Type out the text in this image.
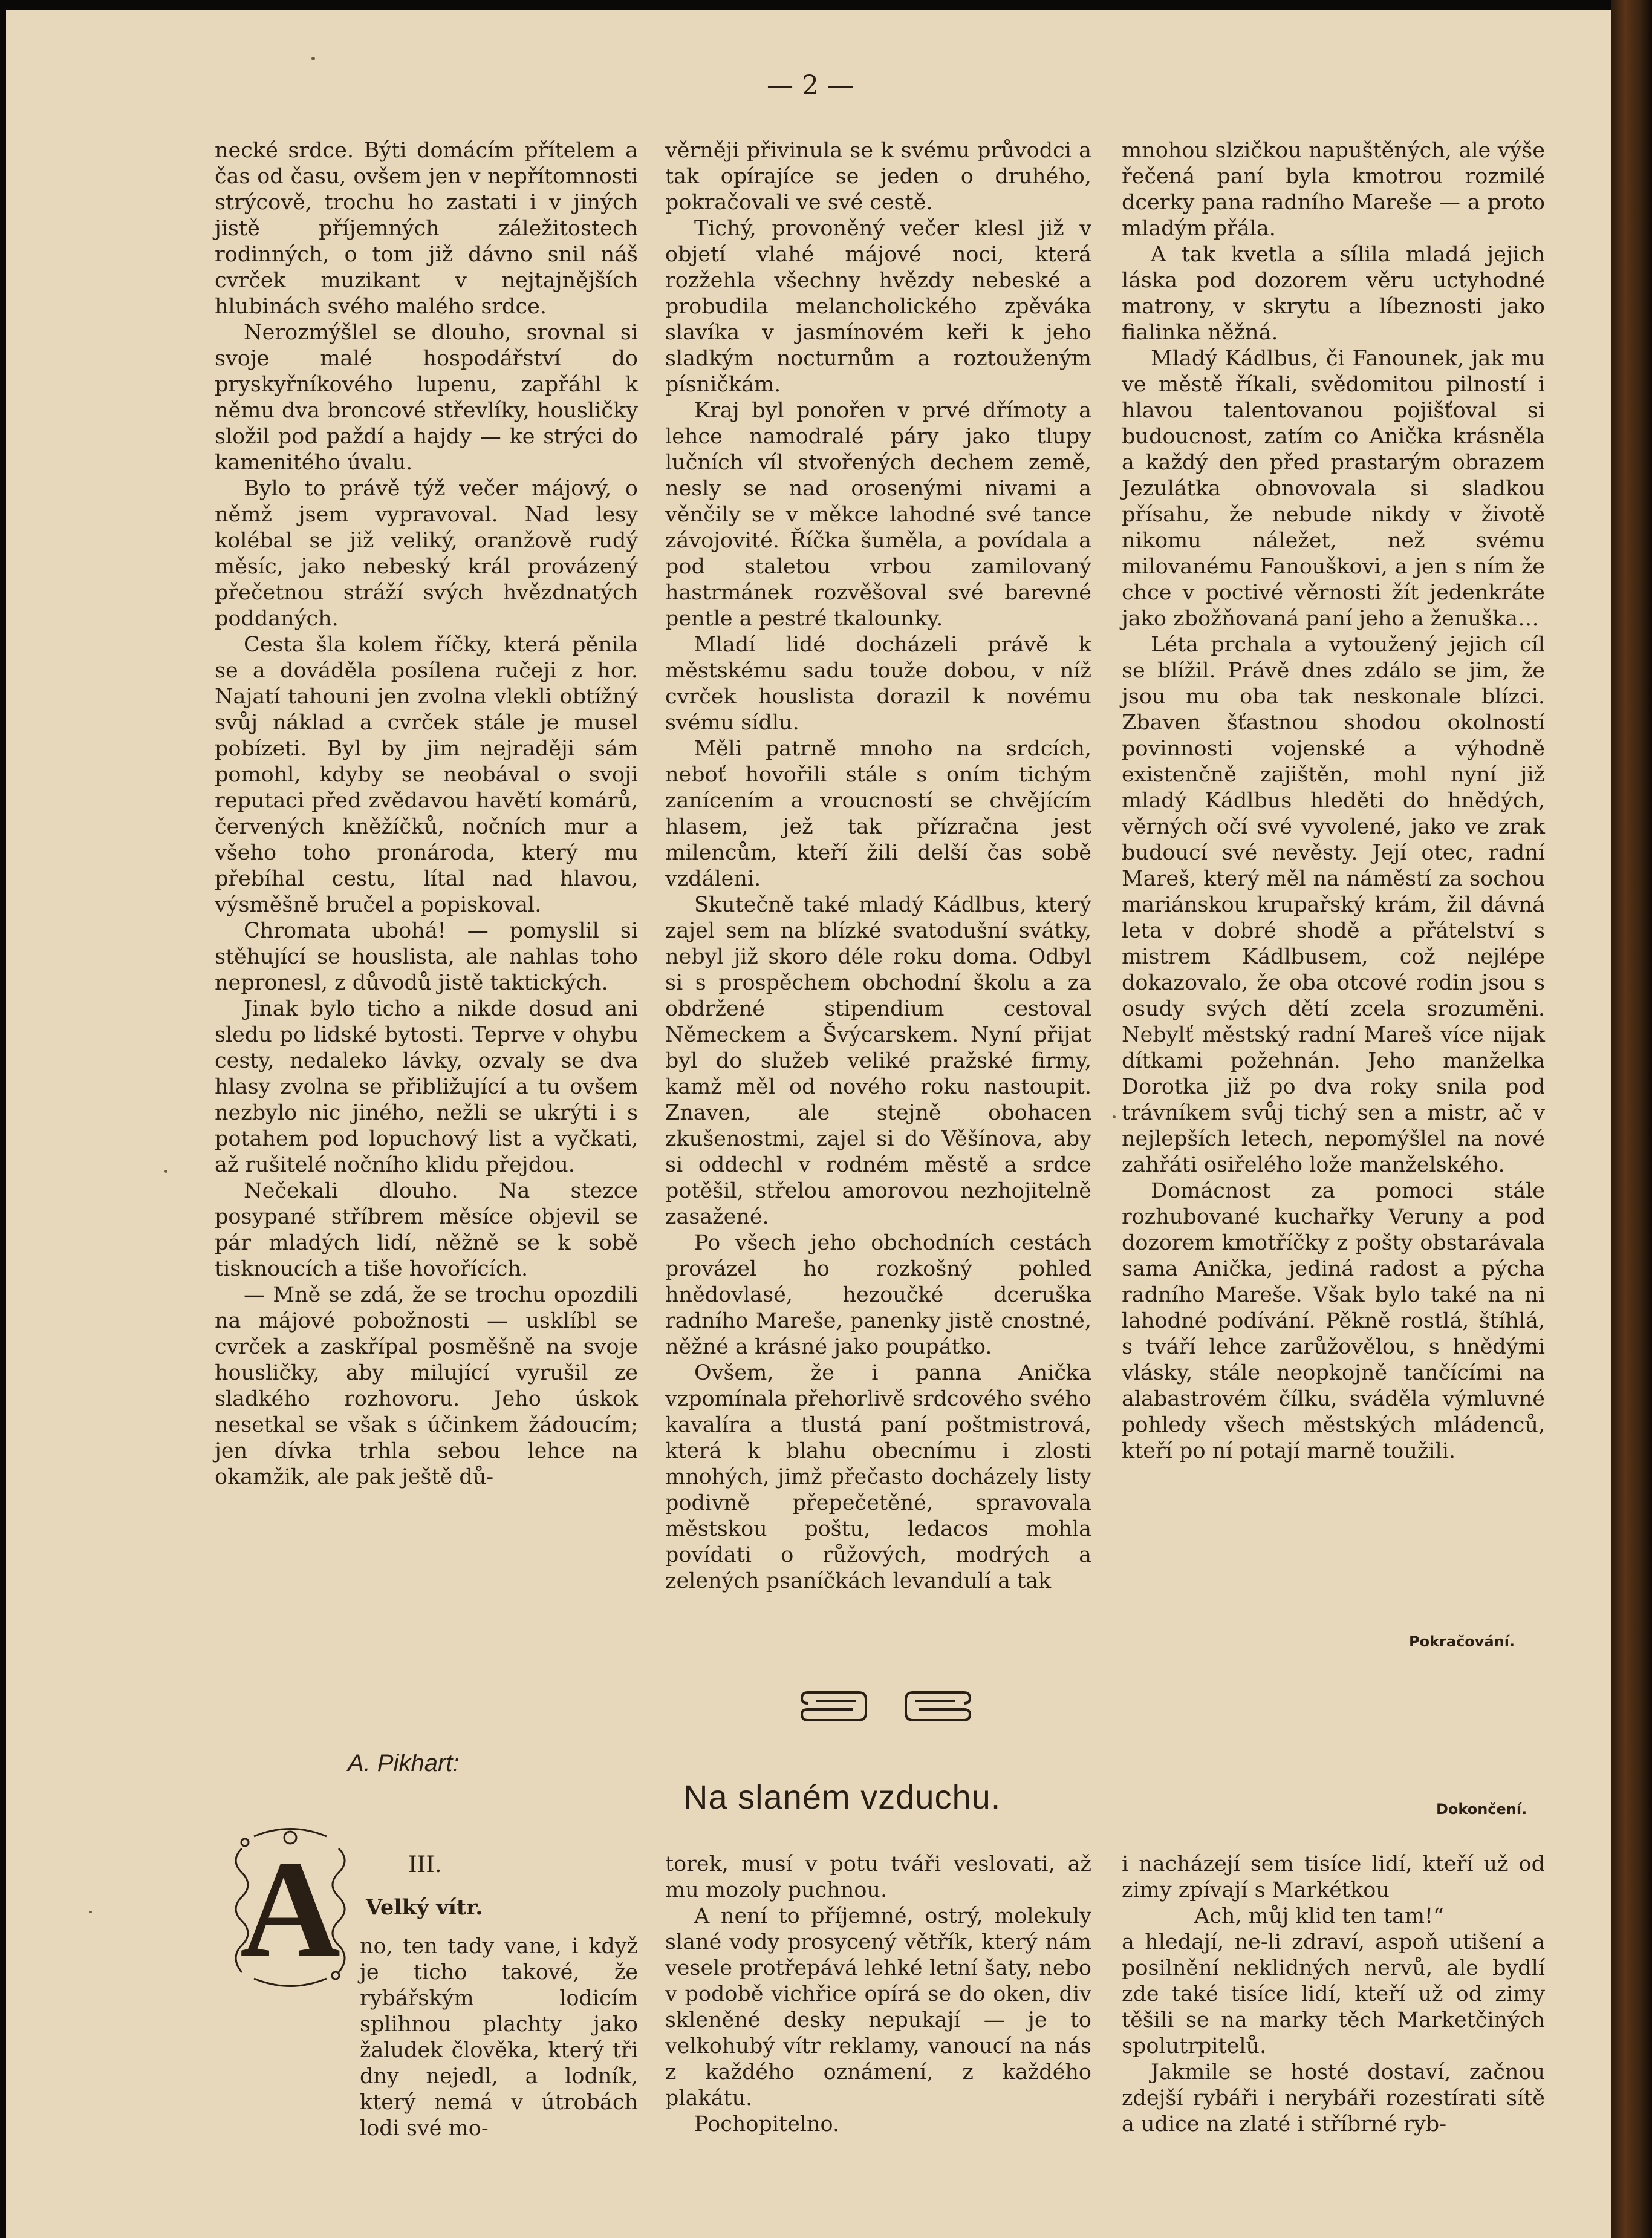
— 2 —

necké srdce. Býti domácím přítelem a čas od času, ovšem jen v nepřítomnosti strýcově, trochu ho zastati i v jiných jistě příjemných záležitostech rodinných, o tom již dávno snil náš cvrček muzikant v nejtajnějších hlubinách svého malého srdce.

Nerozmýšlel se dlouho, srovnal si svoje malé hospodářství do pryskyřníkového lupenu, zapřáhl k němu dva broncové střevlíky, housličky složil pod paždí a hajdy — ke strýci do kamenitého úvalu.

Bylo to právě týž večer májový, o němž jsem vypravoval. Nad lesy kolébal se již veliký, oranžově rudý měsíc, jako nebeský král provázený přečetnou stráží svých hvězdnatých poddaných.

Cesta šla kolem říčky, která pěnila se a dováděla posílena ručeji z hor. Najatí tahouni jen zvolna vlekli obtížný svůj náklad a cvrček stále je musel pobízeti. Byl by jim nejraději sám pomohl, kdyby se neobával o svoji reputaci před zvědavou havětí komárů, červených kněžíčků, nočních mur a všeho toho pronároda, který mu přebíhal cestu, lítal nad hlavou, výsměšně bručel a popiskoval.

Chromata ubohá! — pomyslil si stěhující se houslista, ale nahlas toho nepronesl, z důvodů jistě taktických.

Jinak bylo ticho a nikde dosud ani sledu po lidské bytosti. Teprve v ohybu cesty, nedaleko lávky, ozvaly se dva hlasy zvolna se přibližující a tu ovšem nezbylo nic jiného, nežli se ukrýti i s potahem pod lopuchový list a vyčkati, až rušitelé nočního klidu přejdou.

Nečekali dlouho. Na stezce posypané stříbrem měsíce objevil se pár mladých lidí, něžně se k sobě tisknoucích a tiše hovořících.

— Mně se zdá, že se trochu opozdili na májové pobožnosti — usklíbl se cvrček a zaskřípal posměšně na svoje housličky, aby milující vyrušil ze sladkého rozhovoru. Jeho úskok nesetkal se však s účinkem žádoucím; jen dívka trhla sebou lehce na okamžik, ale pak ještě dů-

věrněji přivinula se k svému průvodci a tak opírajíce se jeden o druhého, pokračovali ve své cestě.

Tichý, provoněný večer klesl již v objetí vlahé májové noci, která rozžehla všechny hvězdy nebeské a probudila melancholického zpěváka slavíka v jasmínovém keři k jeho sladkým nocturnům a roztouženým písničkám.

Kraj byl ponořen v prvé dřímoty a lehce namodralé páry jako tlupy lučních víl stvořených dechem země, nesly se nad orosenými nivami a věnčily se v měkce lahodné své tance závojovité. Říčka šuměla, a povídala a pod staletou vrbou zamilovaný hastrmánek rozvěšoval své barevné pentle a pestré tkalounky.

Mladí lidé docházeli právě k městskému sadu touže dobou, v níž cvrček houslista dorazil k novému svému sídlu.

Měli patrně mnoho na srdcích, neboť hovořili stále s oním tichým zanícením a vroucností se chvějícím hlasem, jež tak přízračna jest milencům, kteří žili delší čas sobě vzdáleni.

Skutečně také mladý Kádlbus, který zajel sem na blízké svatodušní svátky, nebyl již skoro déle roku doma. Odbyl si s prospěchem obchodní školu a za obdržené stipendium cestoval Německem a Švýcarskem. Nyní přijat byl do služeb veliké pražské firmy, kamž měl od nového roku nastoupit. Znaven, ale stejně obohacen zkušenostmi, zajel si do Věšínova, aby si oddechl v rodném městě a srdce potěšil, střelou amorovou nezhojitelně zasažené.

Po všech jeho obchodních cestách provázel ho rozkošný pohled hnědovlasé, hezoučké dceruška radního Mareše, panenky jistě cnostné, něžné a krásné jako poupátko.

Ovšem, že i panna Anička vzpomínala přehorlivě srdcového svého kavalíra a tlustá paní poštmistrová, která k blahu obecnímu i zlosti mnohých, jimž přečasto docházely listy podivně přepečetěné, spravovala městskou poštu, ledacos mohla povídati o růžových, modrých a zelených psaníčkách levandulí a tak

mnohou slzičkou napuštěných, ale výše řečená paní byla kmotrou rozmilé dcerky pana radního Mareše — a proto mladým přála.

A tak kvetla a sílila mladá jejich láska pod dozorem věru uctyhodné matrony, v skrytu a líbeznosti jako fialinka něžná.

Mladý Kádlbus, či Fanounek, jak mu ve městě říkali, svědomitou pilností i hlavou talentovanou pojišťoval si budoucnost, zatím co Anička krásněla a každý den před prastarým obrazem Jezulátka obnovovala si sladkou přísahu, že nebude nikdy v životě nikomu náležet, než svému milovanému Fanouškovi, a jen s ním že chce v poctivé věrnosti žít jedenkráte jako zbožňovaná paní jeho a ženuška…

Léta prchala a vytoužený jejich cíl se blížil. Právě dnes zdálo se jim, že jsou mu oba tak neskonale blízci. Zbaven šťastnou shodou okolností povinnosti vojenské a výhodně existenčně zajištěn, mohl nyní již mladý Kádlbus hleděti do hnědých, věrných očí své vyvolené, jako ve zrak budoucí své nevěsty. Její otec, radní Mareš, který měl na náměstí za sochou mariánskou krupařský krám, žil dávná leta v dobré shodě a přátelství s mistrem Kádlbusem, což nejlépe dokazovalo, že oba otcové rodin jsou s osudy svých dětí zcela srozuměni. Nebylť městský radní Mareš více nijak dítkami požehnán. Jeho manželka Dorotka již po dva roky snila pod trávníkem svůj tichý sen a mistr, ač v nejlepších letech, nepomýšlel na nové zahřáti osiřelého lože manželského.

Domácnost za pomoci stále rozhubované kuchařky Veruny a pod dozorem kmotříčky z pošty obstarávala sama Anička, jediná radost a pýcha radního Mareše. Však bylo také na ni lahodné podívání. Pěkně rostlá, štíhlá, s tváří lehce zarůžovělou, s hnědými vlásky, stále neopkojně tančícími na alabastrovém čílku, svádělа výmluvné pohledy všech městských mládenců, kteří po ní potají marně toužili.

Pokračování.
A. Pikhart:
Na slaném vzduchu.	Dokončení.
A	III.

Velký vítr.

no, ten tady vane, i když je ticho takové, že rybářským lodicím splihnou plachty jako žaludek člověka, který tři dny nejedl, a lodník, který nemá v útrobách lodi své mo-

torek, musí v potu tváři veslovati, až mu mozoly puchnou.

A není to příjemné, ostrý, molekuly slané vody prosycený větřík, který nám vesele protřepává lehké letní šaty, nebo v podobě vichřice opírá se do oken, div skleněné desky nepukají — je to velkohubý vítr reklamy, vanoucí na nás z každého oznámení, z každého plakátu.

Pochopitelno.

i nacházejí sem tisíce lidí, kteří už od zimy zpívají s Markétkou

Ach, můj klid ten tam!“

a hledají, ne-li zdraví, aspoň utišení a posilnění neklidných nervů, ale bydlí zde také tisíce lidí, kteří už od zimy těšili se na marky těch Marketčiných spolutrpitelů.

Jakmile se hosté dostaví, začnou zdejší rybáři i nerybáři rozestírati sítě a udice na zlaté i stříbrné ryb-
